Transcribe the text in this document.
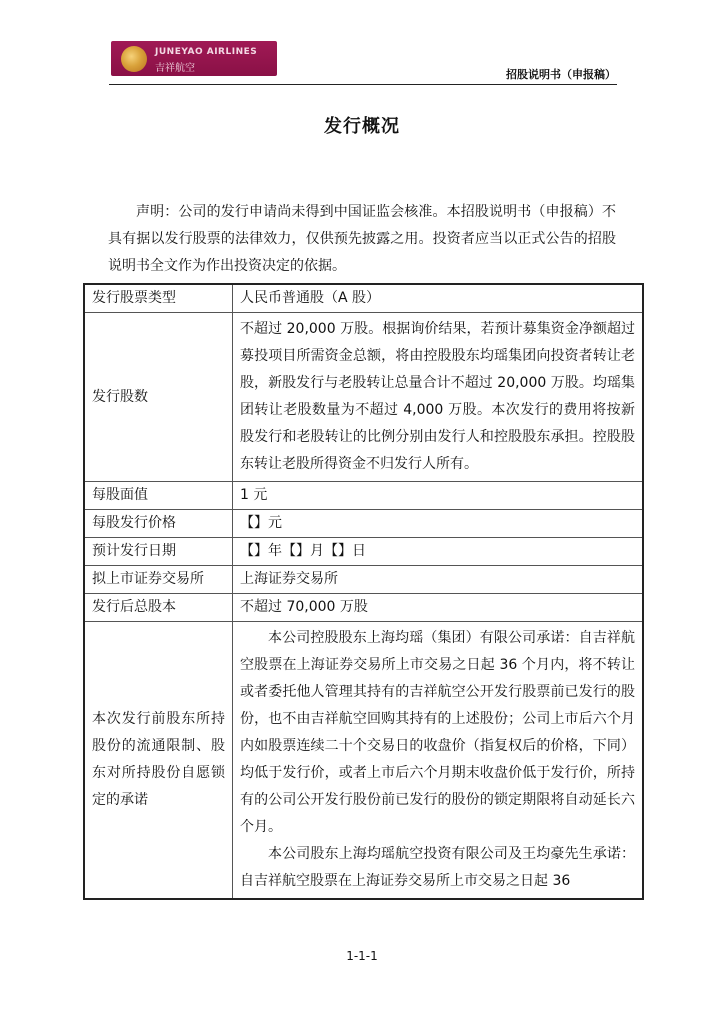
JUNEYAO AIRLINES
吉祥航空	招股说明书（申报稿）
发行概况

声明：公司的发行申请尚未得到中国证监会核准。本招股说明书（申报稿）不具有据以发行股票的法律效力，仅供预先披露之用。投资者应当以正式公告的招股说明书全文作为作出投资决定的依据。

发行股票类型	人民币普通股（A 股）
发行股数	不超过 20,000 万股。根据询价结果，若预计募集资金净额超过募投项目所需资金总额，将由控股股东均瑶集团向投资者转让老股，新股发行与老股转让总量合计不超过 20,000 万股。均瑶集团转让老股数量为不超过 4,000 万股。本次发行的费用将按新股发行和老股转让的比例分别由发行人和控股股东承担。控股股东转让老股所得资金不归发行人所有。

每股面值	1 元
每股发行价格	【】元
预计发行日期	【】年【】月【】日
拟上市证券交易所	上海证券交易所
发行后总股本	不超过 70,000 万股

本次发行前股东所持股份的流通限制、股东对所持股份自愿锁定的承诺	本公司控股股东上海均瑶（集团）有限公司承诺：自吉祥航空股票在上海证券交易所上市交易之日起 36 个月内，将不转让或者委托他人管理其持有的吉祥航空公开发行股票前已发行的股份，也不由吉祥航空回购其持有的上述股份；公司上市后六个月内如股票连续二十个交易日的收盘价（指复权后的价格，下同）均低于发行价，或者上市后六个月期末收盘价低于发行价，所持有的公司公开发行股份前已发行的股份的锁定期限将自动延长六个月。

本公司股东上海均瑶航空投资有限公司及王均豪先生承诺：自吉祥航空股票在上海证券交易所上市交易之日起 36

1-1-1
